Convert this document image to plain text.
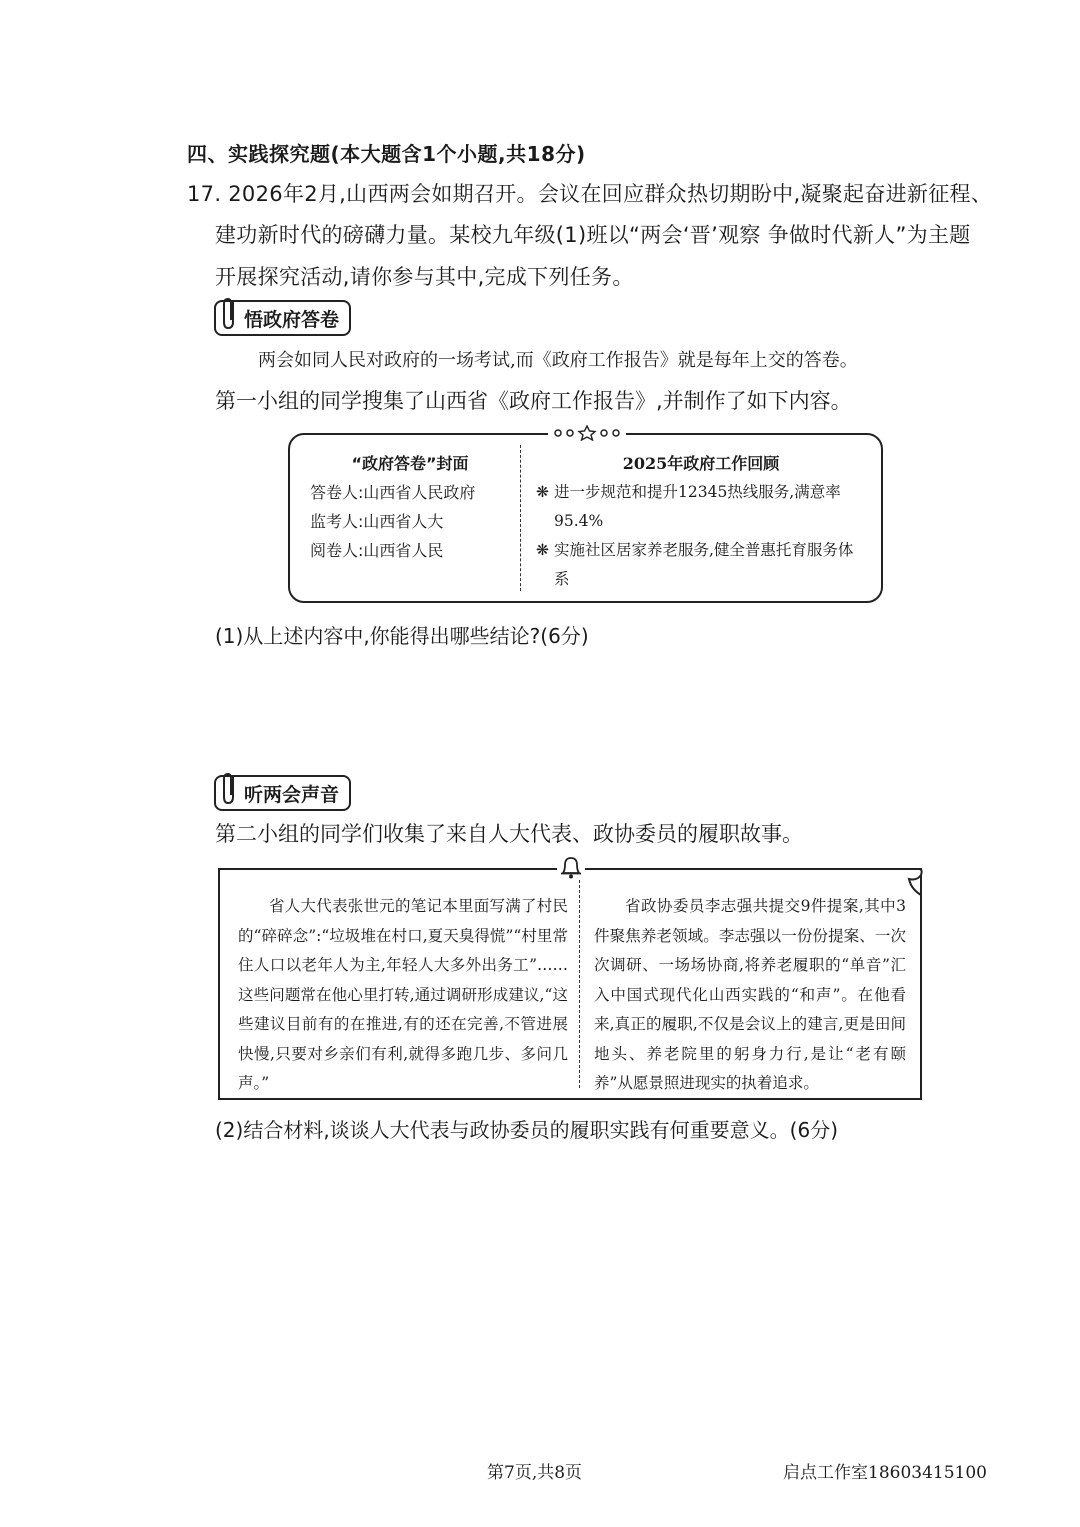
四、实践探究题(本大题含1个小题,共18分)
17. 2026年2月,山西两会如期召开。会议在回应群众热切期盼中,凝聚起奋进新征程、
建功新时代的磅礴力量。某校九年级(1)班以“两会‘晋’观察 争做时代新人”为主题
开展探究活动,请你参与其中,完成下列任务。
悟政府答卷
两会如同人民对政府的一场考试,而《政府工作报告》就是每年上交的答卷。
第一小组的同学搜集了山西省《政府工作报告》,并制作了如下内容。
“政府答卷”封面
答卷人:山西省人民政府
监考人:山西省人大
阅卷人:山西省人民
2025年政府工作回顾
❋ 进一步规范和提升12345热线服务,满意率95.4%
❋ 实施社区居家养老服务,健全普惠托育服务体系
(1)从上述内容中,你能得出哪些结论?(6分)
听两会声音
第二小组的同学们收集了来自人大代表、政协委员的履职故事。
省人大代表张世元的笔记本里面写满了村民的“碎碎念”:“垃圾堆在村口,夏天臭得慌”“村里常住人口以老年人为主,年轻人大多外出务工”……这些问题常在他心里打转,通过调研形成建议,“这些建议目前有的在推进,有的还在完善,不管进展快慢,只要对乡亲们有利,就得多跑几步、多问几声。”
省政协委员李志强共提交9件提案,其中3件聚焦养老领域。李志强以一份份提案、一次次调研、一场场协商,将养老履职的“单音”汇入中国式现代化山西实践的“和声”。在他看来,真正的履职,不仅是会议上的建言,更是田间地头、养老院里的躬身力行,是让“老有颐养”从愿景照进现实的执着追求。
(2)结合材料,谈谈人大代表与政协委员的履职实践有何重要意义。(6分)
第7页,共8页	启点工作室18603415100
